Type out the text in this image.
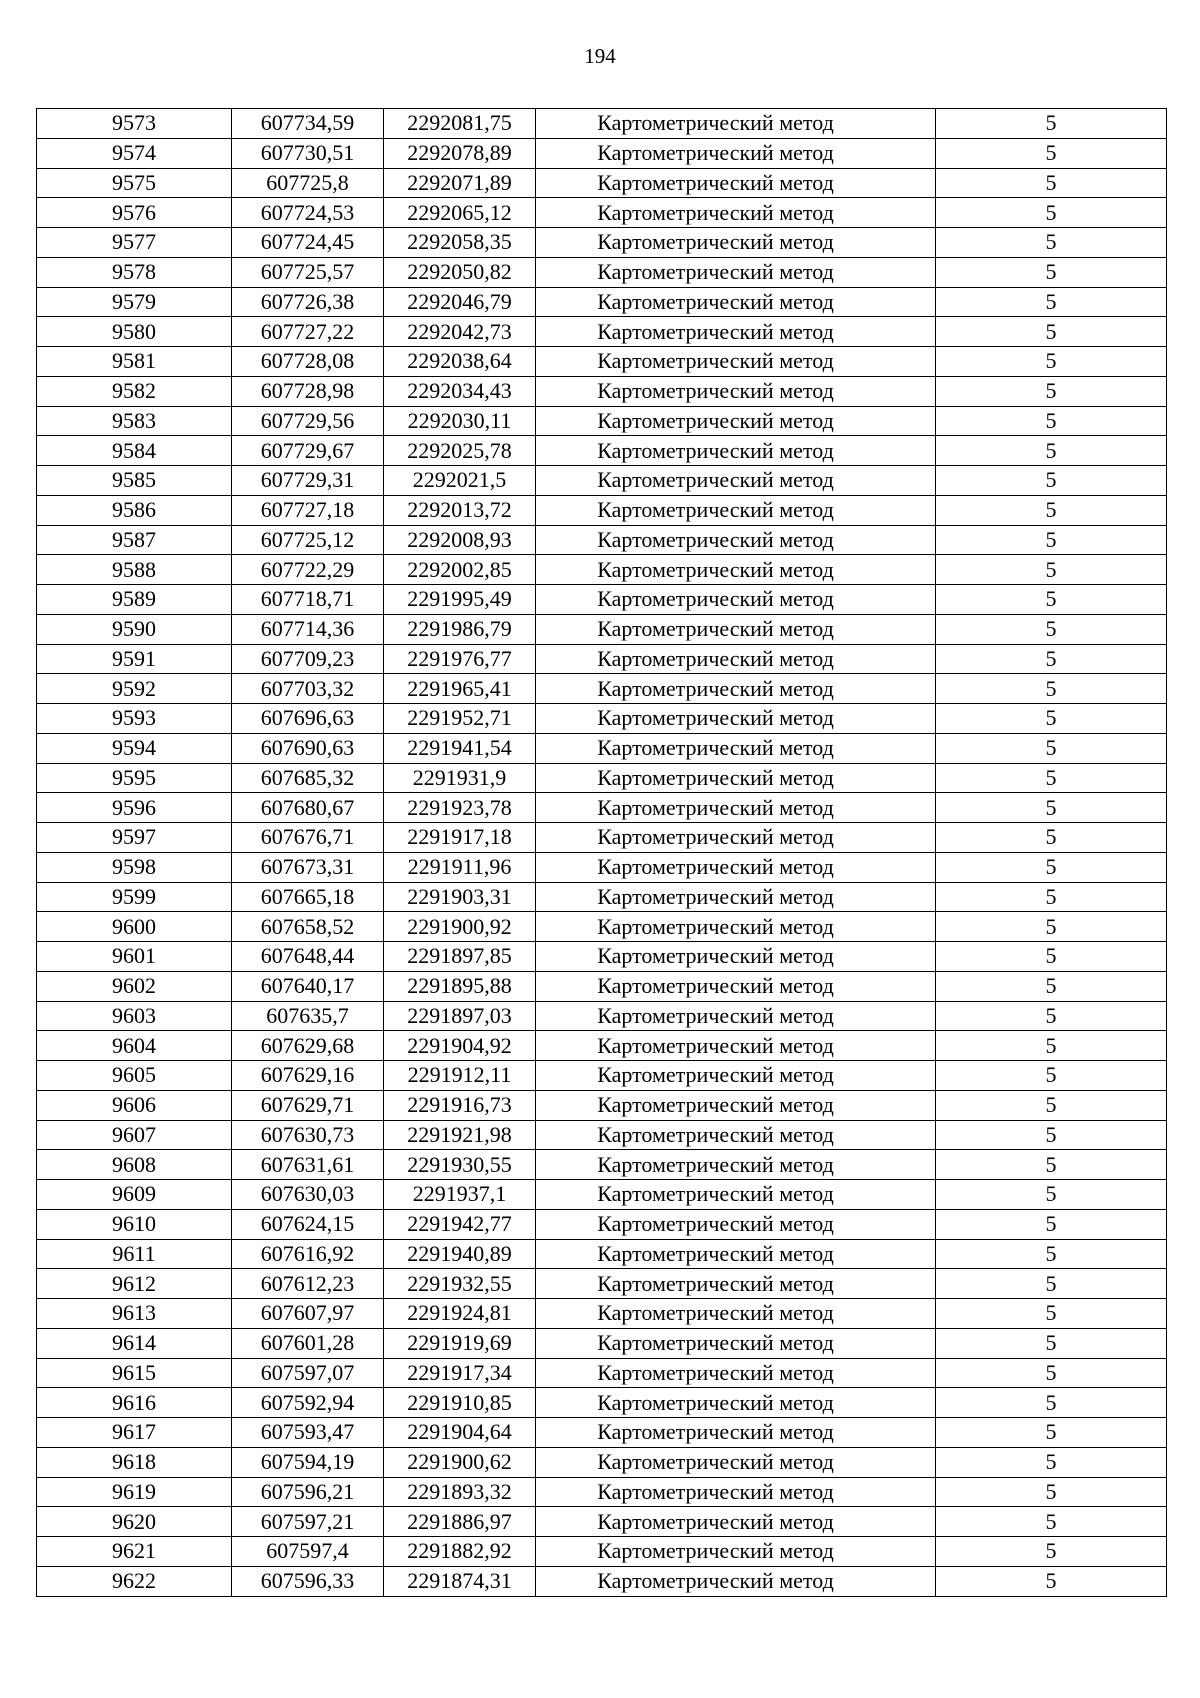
194
9573	607734,59	2292081,75	Картометрический метод	5
9574	607730,51	2292078,89	Картометрический метод	5
9575	607725,8	2292071,89	Картометрический метод	5
9576	607724,53	2292065,12	Картометрический метод	5
9577	607724,45	2292058,35	Картометрический метод	5
9578	607725,57	2292050,82	Картометрический метод	5
9579	607726,38	2292046,79	Картометрический метод	5
9580	607727,22	2292042,73	Картометрический метод	5
9581	607728,08	2292038,64	Картометрический метод	5
9582	607728,98	2292034,43	Картометрический метод	5
9583	607729,56	2292030,11	Картометрический метод	5
9584	607729,67	2292025,78	Картометрический метод	5
9585	607729,31	2292021,5	Картометрический метод	5
9586	607727,18	2292013,72	Картометрический метод	5
9587	607725,12	2292008,93	Картометрический метод	5
9588	607722,29	2292002,85	Картометрический метод	5
9589	607718,71	2291995,49	Картометрический метод	5
9590	607714,36	2291986,79	Картометрический метод	5
9591	607709,23	2291976,77	Картометрический метод	5
9592	607703,32	2291965,41	Картометрический метод	5
9593	607696,63	2291952,71	Картометрический метод	5
9594	607690,63	2291941,54	Картометрический метод	5
9595	607685,32	2291931,9	Картометрический метод	5
9596	607680,67	2291923,78	Картометрический метод	5
9597	607676,71	2291917,18	Картометрический метод	5
9598	607673,31	2291911,96	Картометрический метод	5
9599	607665,18	2291903,31	Картометрический метод	5
9600	607658,52	2291900,92	Картометрический метод	5
9601	607648,44	2291897,85	Картометрический метод	5
9602	607640,17	2291895,88	Картометрический метод	5
9603	607635,7	2291897,03	Картометрический метод	5
9604	607629,68	2291904,92	Картометрический метод	5
9605	607629,16	2291912,11	Картометрический метод	5
9606	607629,71	2291916,73	Картометрический метод	5
9607	607630,73	2291921,98	Картометрический метод	5
9608	607631,61	2291930,55	Картометрический метод	5
9609	607630,03	2291937,1	Картометрический метод	5
9610	607624,15	2291942,77	Картометрический метод	5
9611	607616,92	2291940,89	Картометрический метод	5
9612	607612,23	2291932,55	Картометрический метод	5
9613	607607,97	2291924,81	Картометрический метод	5
9614	607601,28	2291919,69	Картометрический метод	5
9615	607597,07	2291917,34	Картометрический метод	5
9616	607592,94	2291910,85	Картометрический метод	5
9617	607593,47	2291904,64	Картометрический метод	5
9618	607594,19	2291900,62	Картометрический метод	5
9619	607596,21	2291893,32	Картометрический метод	5
9620	607597,21	2291886,97	Картометрический метод	5
9621	607597,4	2291882,92	Картометрический метод	5
9622	607596,33	2291874,31	Картометрический метод	5
